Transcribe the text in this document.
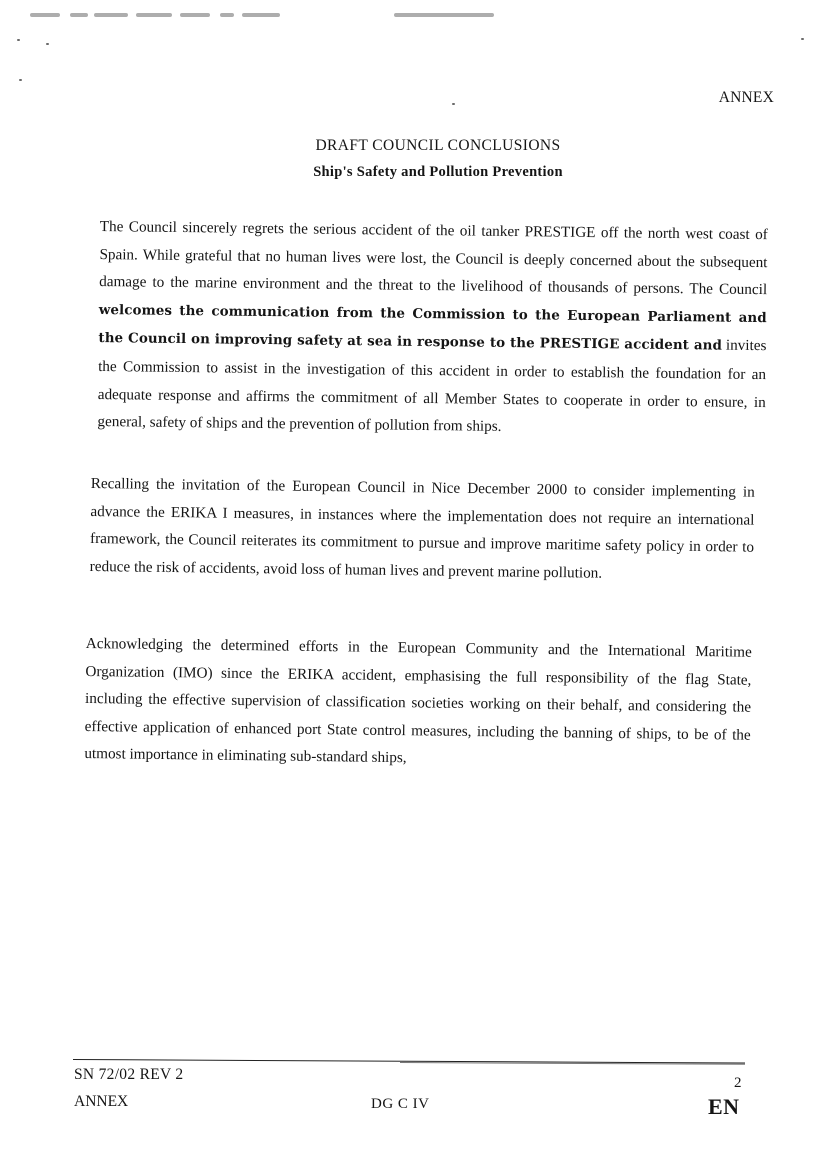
ANNEX
DRAFT COUNCIL CONCLUSIONS
Ship's Safety and Pollution Prevention

The Council sincerely regrets the serious accident of the oil tanker PRESTIGE off the north west coast of Spain. While grateful that no human lives were lost, the Council is deeply concerned about the subsequent damage to the marine environment and the threat to the livelihood of thousands of persons. The Council welcomes the communication from the Commission to the European Parliament and the Council on improving safety at sea in response to the PRESTIGE accident and invites the Commission to assist in the investigation of this accident in order to establish the foundation for an adequate response and affirms the commitment of all Member States to cooperate in order to ensure, in general, safety of ships and the prevention of pollution from ships.

Recalling the invitation of the European Council in Nice December 2000 to consider implementing in advance the ERIKA I measures, in instances where the implementation does not require an international framework, the Council reiterates its commitment to pursue and improve maritime safety policy in order to reduce the risk of accidents, avoid loss of human lives and prevent marine pollution.

Acknowledging the determined efforts in the European Community and the International Maritime Organization (IMO) since the ERIKA accident, emphasising the full responsibility of the flag State, including the effective supervision of classification societies working on their behalf, and considering the effective application of enhanced port State control measures, including the banning of ships, to be of the utmost importance in eliminating sub-standard ships,

SN 72/02 REV 2
ANNEX	DG C IV
2
EN
